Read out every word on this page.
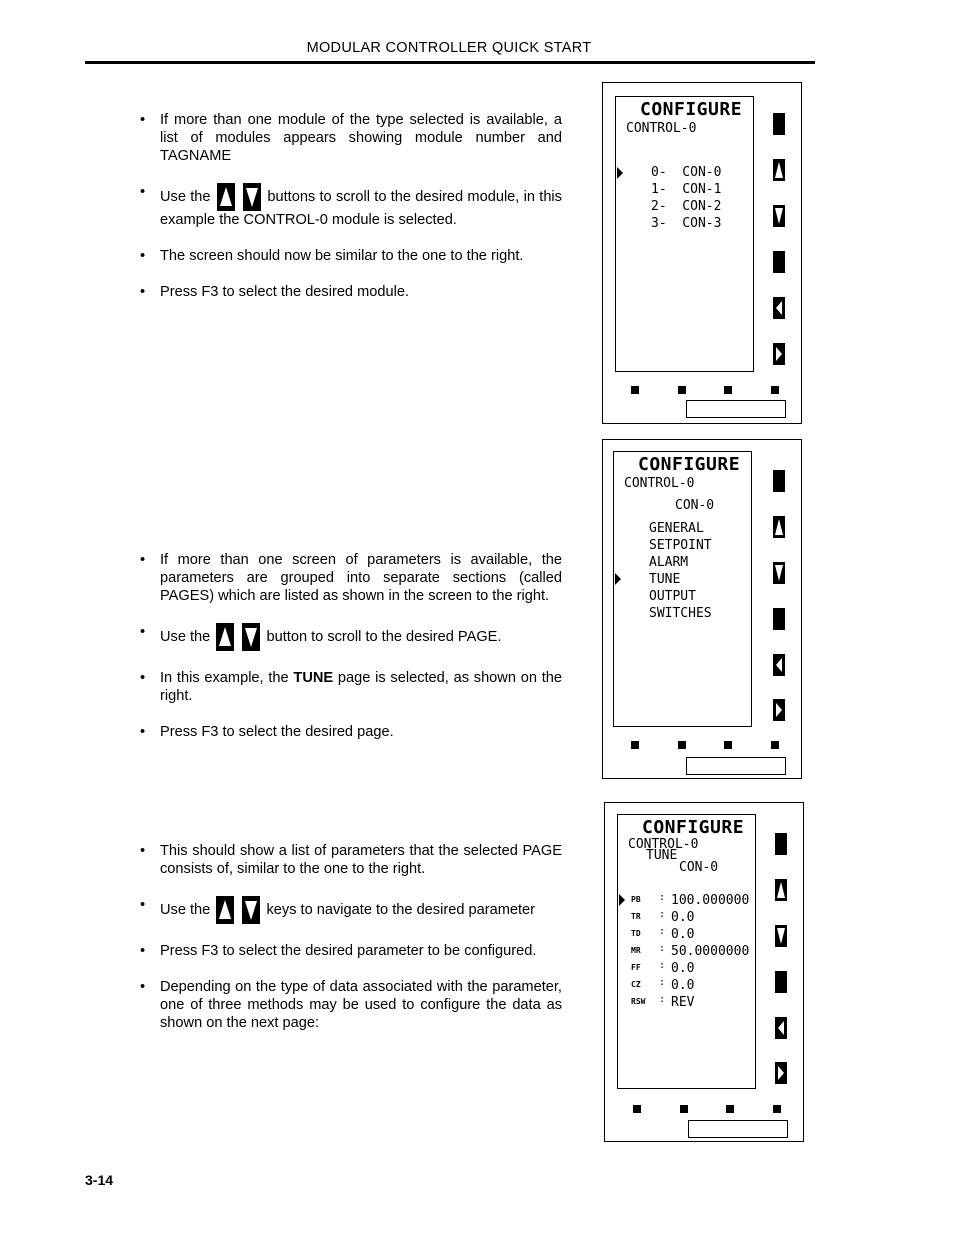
MODULAR CONTROLLER QUICK START
• If more than one module of the type selected is available, a list of modules appears showing module number and TAGNAME
• Use the
	buttons to scroll to the desired module, in this example the CONTROL-0 module is selected.
• The screen should now be similar to the one to the right.
• Press F3 to select the desired module.
CONFIGURE
CONTROL-0
0-  CON-0
1-  CON-1
2-  CON-2
3-  CON-3
• If more than one screen of parameters is available, the parameters are grouped into separate sections (called PAGES) which are listed as shown in the screen to the right.
• Use the
	button to scroll to the desired PAGE.
• In this example, the TUNE page is selected, as shown on the right.
• Press F3 to select the desired page.
CONFIGURE
CONTROL-0
CON-0
GENERAL
SETPOINT
ALARM
TUNE
OUTPUT
SWITCHES
• This should show a list of parameters that the selected PAGE consists of, similar to the one to the right.
• Use the
	keys to navigate to the desired parameter
• Press F3 to select the desired parameter to be configured.
• Depending on the type of data associated with the parameter, one of three methods may be used to configure the data as shown on the next page:
CONFIGURE
CONTROL-0
TUNE
CON-0
PB : 100.000000
TR : 0.0
TD : 0.0
MR : 50.0000000
FF : 0.0
CZ : 0.0
RSW : REV
3-14
